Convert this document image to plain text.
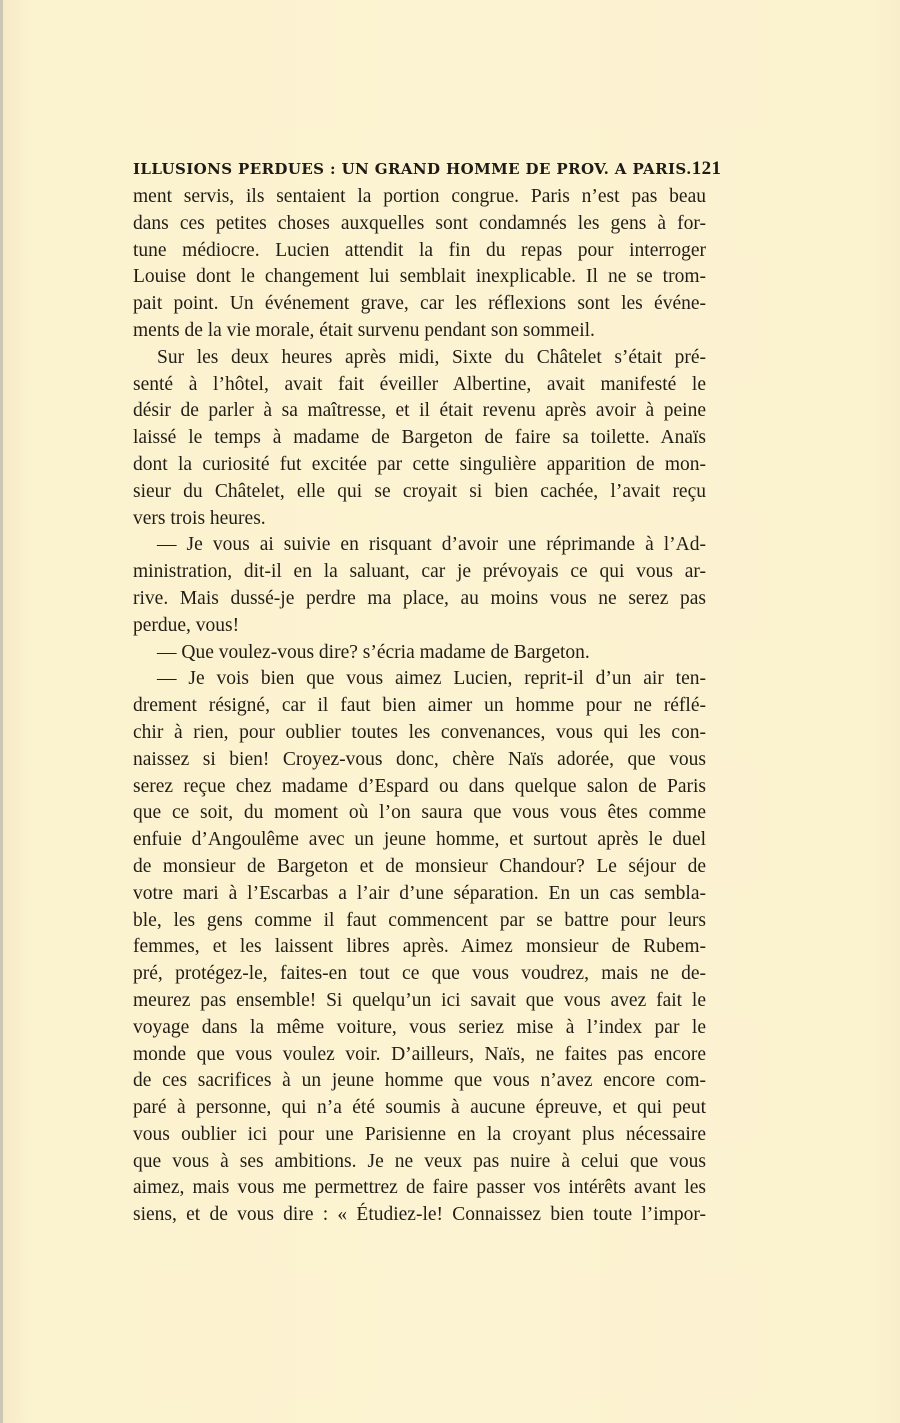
ILLUSIONS PERDUES : UN GRAND HOMME DE PROV. A PARIS. 121
ment servis, ils sentaient la portion congrue. Paris n’est pas beau
dans ces petites choses auxquelles sont condamnés les gens à for-
tune médiocre. Lucien attendit la fin du repas pour interroger
Louise dont le changement lui semblait inexplicable. Il ne se trom-
pait point. Un événement grave, car les réflexions sont les événe-
ments de la vie morale, était survenu pendant son sommeil.
Sur les deux heures après midi, Sixte du Châtelet s’était pré-
senté à l’hôtel, avait fait éveiller Albertine, avait manifesté le
désir de parler à sa maîtresse, et il était revenu après avoir à peine
laissé le temps à madame de Bargeton de faire sa toilette. Anaïs
dont la curiosité fut excitée par cette singulière apparition de mon-
sieur du Châtelet, elle qui se croyait si bien cachée, l’avait reçu
vers trois heures.
— Je vous ai suivie en risquant d’avoir une réprimande à l’Ad-
ministration, dit-il en la saluant, car je prévoyais ce qui vous ar-
rive. Mais dussé-je perdre ma place, au moins vous ne serez pas
perdue, vous!
— Que voulez-vous dire? s’écria madame de Bargeton.
— Je vois bien que vous aimez Lucien, reprit-il d’un air ten-
drement résigné, car il faut bien aimer un homme pour ne réflé-
chir à rien, pour oublier toutes les convenances, vous qui les con-
naissez si bien! Croyez-vous donc, chère Naïs adorée, que vous
serez reçue chez madame d’Espard ou dans quelque salon de Paris
que ce soit, du moment où l’on saura que vous vous êtes comme
enfuie d’Angoulême avec un jeune homme, et surtout après le duel
de monsieur de Bargeton et de monsieur Chandour? Le séjour de
votre mari à l’Escarbas a l’air d’une séparation. En un cas sembla-
ble, les gens comme il faut commencent par se battre pour leurs
femmes, et les laissent libres après. Aimez monsieur de Rubem-
pré, protégez-le, faites-en tout ce que vous voudrez, mais ne de-
meurez pas ensemble! Si quelqu’un ici savait que vous avez fait le
voyage dans la même voiture, vous seriez mise à l’index par le
monde que vous voulez voir. D’ailleurs, Naïs, ne faites pas encore
de ces sacrifices à un jeune homme que vous n’avez encore com-
paré à personne, qui n’a été soumis à aucune épreuve, et qui peut
vous oublier ici pour une Parisienne en la croyant plus nécessaire
que vous à ses ambitions. Je ne veux pas nuire à celui que vous
aimez, mais vous me permettrez de faire passer vos intérêts avant les
siens, et de vous dire : « Étudiez-le! Connaissez bien toute l’impor-
